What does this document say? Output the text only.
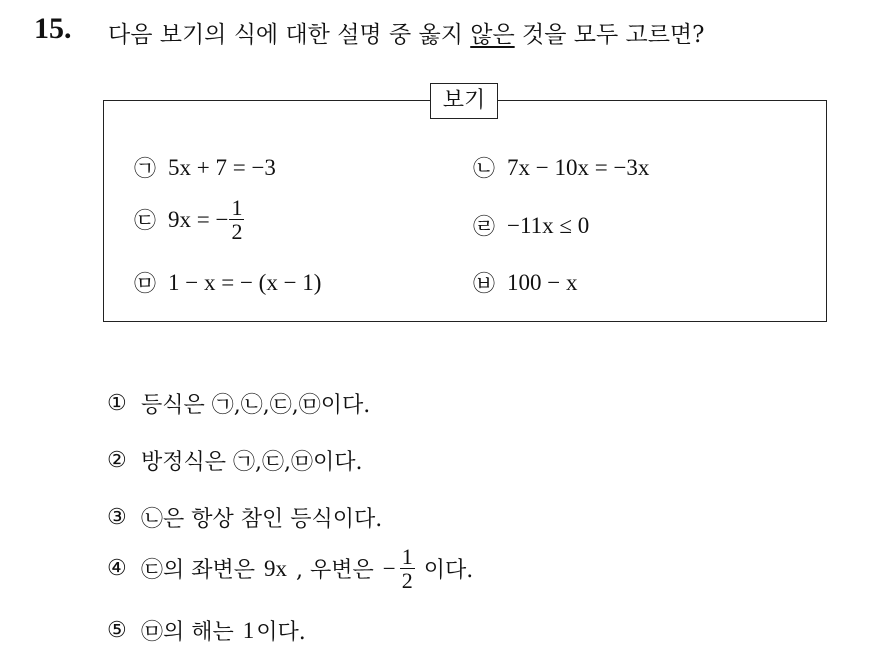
15. 다음 보기의 식에 대한 설명 중 옳지 않은 것을 모두 고르면?
보기
㉠ 5x + 7 = −3	㉡ 7x − 10x = −3x
㉢ 9x = − $\frac{1}{2}$	㉣ −11x ≤ 0
㉤ 1 − x = − (x − 1)	㉥ 100 − x
① 등식은 ㉠,㉡,㉢,㉤이다.
② 방정식은 ㉠,㉢,㉤이다.
③ ㉡은 항상 참인 등식이다.
④ ㉢의 좌변은
9x
, 우변은
− $\frac{1}{2}$
이다.
⑤ ㉤의 해는
1 이다.
